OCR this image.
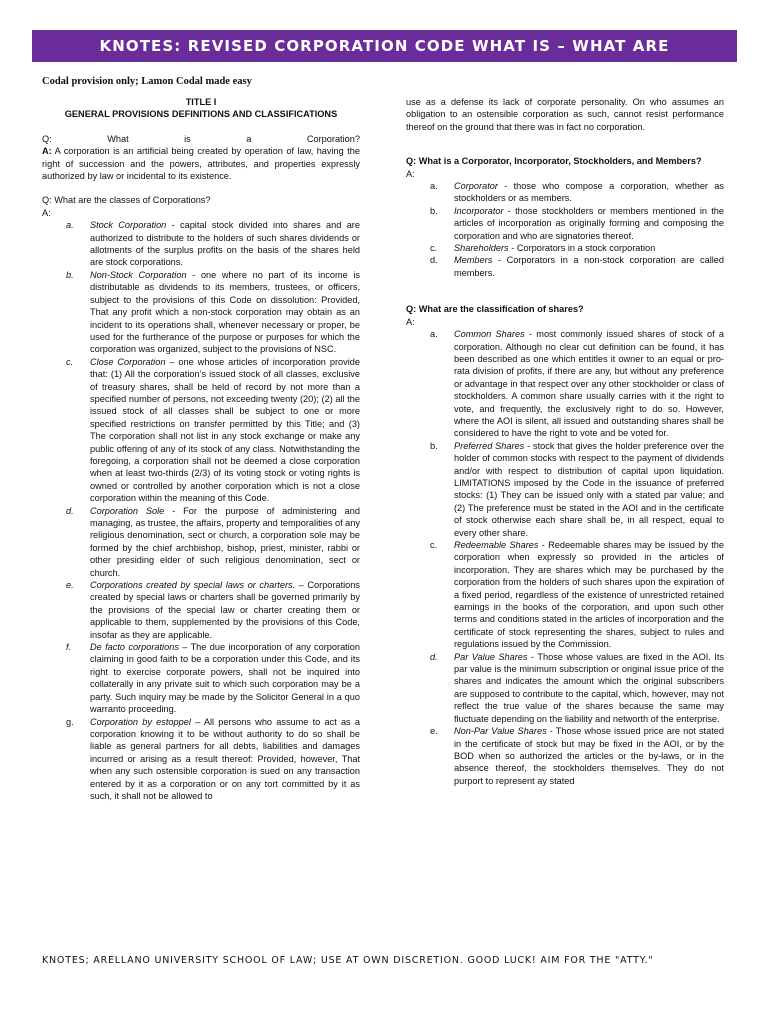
KNOTES: REVISED CORPORATION CODE WHAT IS – WHAT ARE
Codal provision only; Lamon Codal made easy
TITLE I
GENERAL PROVISIONS DEFINITIONS AND CLASSIFICATIONS
Q:	What	is	a	Corporation?

A: A corporation is an artificial being created by operation of law, having the right of succession and the powers, attributes, and properties expressly authorized by law or incidental to its existence.

Q: What are the classes of Corporations?
A:
a.	Stock Corporation - capital stock divided into shares and are authorized to distribute to the holders of such shares dividends or allotments of the surplus profits on the basis of the shares held are stock corporations.
b.	Non-Stock Corporation - one where no part of its income is distributable as dividends to its members, trustees, or officers, subject to the provisions of this Code on dissolution: Provided, That any profit which a non-stock corporation may obtain as an incident to its operations shall, whenever necessary or proper, be used for the furtherance of the purpose or purposes for which the corporation was organized, subject to the provisions of NSC.
c.	Close Corporation – one whose articles of incorporation provide that: (1) All the corporation’s issued stock of all classes, exclusive of treasury shares, shall be held of record by not more than a specified number of persons, not exceeding twenty (20); (2) all the issued stock of all classes shall be subject to one or more specified restrictions on transfer permitted by this Title; and (3) The corporation shall not list in any stock exchange or make any public offering of any of its stock of any class. Notwithstanding the foregoing, a corporation shall not be deemed a close corporation when at least two-thirds (2/3) of its voting stock or voting rights is owned or controlled by another corporation which is not a close corporation within the meaning of this Code.
d.	Corporation Sole - For the purpose of administering and managing, as trustee, the affairs, property and temporalities of any religious denomination, sect or church, a corporation sole may be formed by the chief archbishop, bishop, priest, minister, rabbi or other presiding elder of such religious denomination, sect or church.
e.	Corporations created by special laws or charters. – Corporations created by special laws or charters shall be governed primarily by the provisions of the special law or charter creating them or applicable to them, supplemented by the provisions of this Code, insofar as they are applicable.
f.	De facto corporations – The due incorporation of any corporation claiming in good faith to be a corporation under this Code, and its right to exercise corporate powers, shall not be inquired into collaterally in any private suit to which such corporation may be a party. Such inquiry may be made by the Solicitor General in a quo warranto proceeding.
g.	Corporation by estoppel – All persons who assume to act as a corporation knowing it to be without authority to do so shall be liable as general partners for all debts, liabilities and damages incurred or arising as a result thereof: Provided, however, That when any such ostensible corporation is sued on any transaction entered by it as a corporation or on any tort committed by it as such, it shall not be allowed to

use as a defense its lack of corporate personality. On who assumes an obligation to an ostensible corporation as such, cannot resist performance thereof on the ground that there was in fact no corporation.

Q: What is a Corporator, Incorporator, Stockholders, and Members?
A:
a.	Corporator - those who compose a corporation, whether as stockholders or as members.
b.	Incorporator - those stockholders or members mentioned in the articles of incorporation as originally forming and composing the corporation and who are signatories thereof.
c.	Shareholders - Corporators in a stock corporation
d.	Members - Corporators in a non-stock corporation are called members.
Q: What are the classification of shares?
A:
a.	Common Shares - most commonly issued shares of stock of a corporation. Although no clear cut definition can be found, it has been described as one which entitles it owner to an equal or pro-rata division of profits, if there are any, but without any preference or advantage in that respect over any other stockholder or class of stockholders. A common share usually carries with it the right to vote, and frequently, the exclusively right to do so. However, where the AOI is silent, all issued and outstanding shares shall be considered to have the right to vote and be voted for.
b.	Preferred Shares - stock that gives the holder preference over the holder of common stocks with respect to the payment of dividends and/or with respect to distribution of capital upon liquidation. LIMITATIONS imposed by the Code in the issuance of preferred stocks: (1) They can be issued only with a stated par value; and (2) The preference must be stated in the AOI and in the certificate of stock otherwise each share shall be, in all respect, equal to every other share.
c.	Redeemable Shares - Redeemable shares may be issued by the corporation when expressly so provided in the articles of incorporation. They are shares which may be purchased by the corporation from the holders of such shares upon the expiration of a fixed period, regardless of the existence of unrestricted retained earnings in the books of the corporation, and upon such other terms and conditions stated in the articles of incorporation and the certificate of stock representing the shares, subject to rules and regulations issued by the Commission.
d.	Par Value Shares - Those whose values are fixed in the AOI. Its par value is the minimum subscription or original issue price of the shares and indicates the amount which the original subscribers are supposed to contribute to the capital, which, however, may not reflect the true value of the shares because the same may fluctuate depending on the liability and networth of the enterprise.
e.	Non-Par Value Shares - Those whose issued price are not stated in the certificate of stock but may be fixed in the AOI, or by the BOD when so authorized the articles or the by-laws, or in the absence thereof, the stockholders themselves. They do not purport to represent ay stated
KNOTES; ARELLANO UNIVERSITY SCHOOL OF LAW; USE AT OWN DISCRETION. GOOD LUCK! AIM FOR THE "ATTY."
